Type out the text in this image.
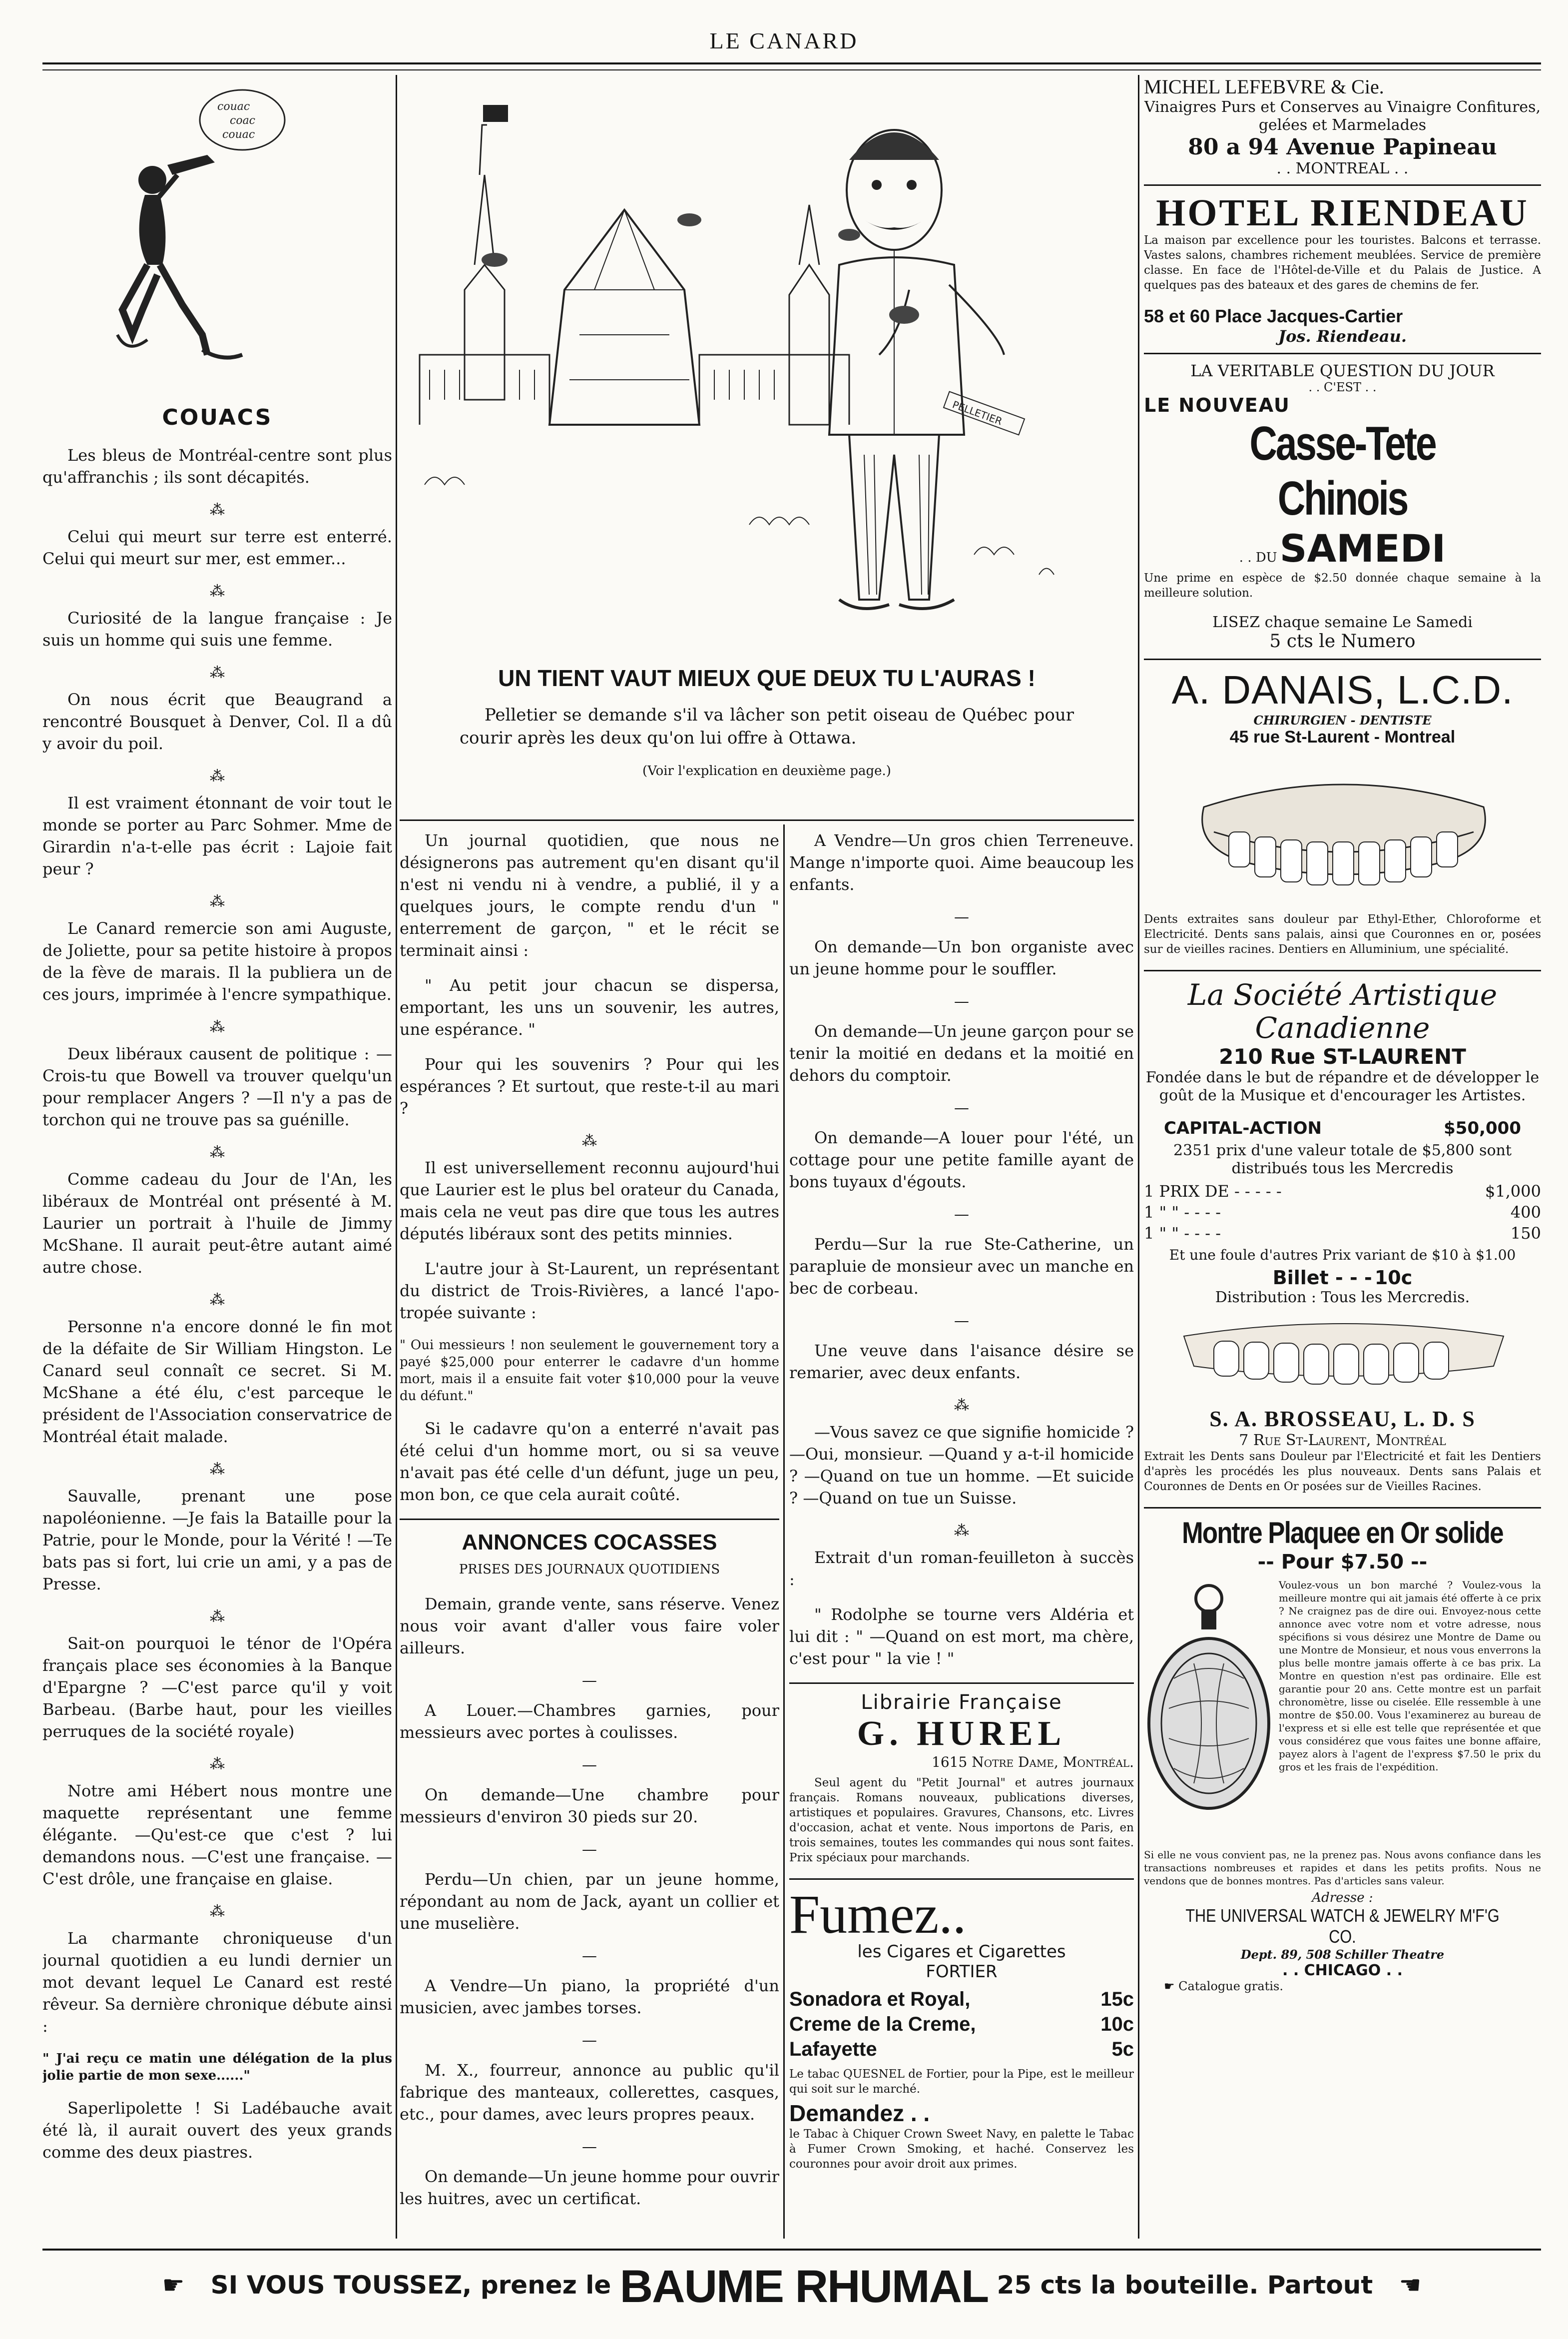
LE CANARD
couac
coac
couac
COUACS

Les bleus de Montréal-centre sont plus qu'affranchis ; ils sont décapités.

⁂

Celui qui meurt sur terre est enterré. Celui qui meurt sur mer, est emmer...

⁂

Curiosité de la langue française : Je suis un homme qui suis une femme.

⁂

On nous écrit que Beaugrand a rencontré Bousquet à Denver, Col. Il a dû y avoir du poil.

⁂

Il est vraiment étonnant de voir tout le monde se porter au Parc Sohmer. Mme de Girardin n'a-t-elle pas écrit : Lajoie fait peur ?

⁂

Le Canard remercie son ami Auguste, de Joliette, pour sa petite histoire à propos de la fève de marais. Il la publiera un de ces jours, imprimée à l'encre sympathique.

⁂

Deux libéraux causent de politique : —Crois-tu que Bowell va trouver quelqu'un pour remplacer Angers ? —Il n'y a pas de torchon qui ne trouve pas sa guénille.

⁂

Comme cadeau du Jour de l'An, les libéraux de Montréal ont présenté à M. Laurier un portrait à l'huile de Jimmy McShane. Il aurait peut-être autant aimé autre chose.

⁂

Personne n'a encore donné le fin mot de la défaite de Sir William Hingston. Le Canard seul connaît ce secret. Si M. McShane a été élu, c'est parceque le président de l'Association conservatrice de Montréal était malade.

⁂

Sauvalle, prenant une pose napoléonienne. —Je fais la Bataille pour la Patrie, pour le Monde, pour la Vérité ! —Te bats pas si fort, lui crie un ami, y a pas de Presse.

⁂

Sait-on pourquoi le ténor de l'Opéra français place ses économies à la Banque d'Epargne ? —C'est parce qu'il y voit Barbeau. (Barbe haut, pour les vieilles perruques de la société royale)

⁂

Notre ami Hébert nous montre une maquette représentant une femme élégante. —Qu'est-ce que c'est ? lui demandons nous. —C'est une française. —C'est drôle, une française en glaise.

⁂

La charmante chroniqueuse d'un journal quotidien a eu lundi dernier un mot devant lequel Le Canard est resté rêveur. Sa dernière chronique débute ainsi :

" J'ai reçu ce matin une délégation de la plus jolie partie de mon sexe......"

Saperlipolette ! Si Ladébauche avait été là, il aurait ouvert des yeux grands comme des deux piastres.

PELLETIER
UN TIENT VAUT MIEUX QUE DEUX TU L'AURAS !

Pelletier se demande s'il va lâcher son petit oiseau de Québec pour courir après les deux qu'on lui offre à Ottawa.

(Voir l'explication en deuxième page.)

Un journal quotidien, que nous ne désignerons pas autrement qu'en disant qu'il n'est ni vendu ni à vendre, a publié, il y a quelques jours, le compte rendu d'un " enterrement de garçon, " et le récit se terminait ainsi :

" Au petit jour chacun se dispersa, emportant, les uns un souvenir, les autres, une espérance. "

Pour qui les souvenirs ? Pour qui les espérances ? Et surtout, que reste-t-il au mari ?

⁂

Il est universellement reconnu aujourd'hui que Laurier est le plus bel orateur du Canada, mais cela ne veut pas dire que tous les autres députés libéraux sont des petits minnies.

L'autre jour à St-Laurent, un représentant du district de Trois-Rivières, a lancé l'apo-tropée suivante :

" Oui messieurs ! non seulement le gouvernement tory a payé $25,000 pour enterrer le cadavre d'un homme mort, mais il a ensuite fait voter $10,000 pour la veuve du défunt."

Si le cadavre qu'on a enterré n'avait pas été celui d'un homme mort, ou si sa veuve n'avait pas été celle d'un défunt, juge un peu, mon bon, ce que cela aurait coûté.

ANNONCES COCASSES
PRISES DES JOURNAUX QUOTIDIENS

Demain, grande vente, sans réserve. Venez nous voir avant d'aller vous faire voler ailleurs.

—

A Louer.—Chambres garnies, pour messieurs avec portes à coulisses.

—

On demande—Une chambre pour messieurs d'environ 30 pieds sur 20.

—

Perdu—Un chien, par un jeune homme, répondant au nom de Jack, ayant un collier et une muselière.

—

A Vendre—Un piano, la propriété d'un musicien, avec jambes torses.

—

M. X., fourreur, annonce au public qu'il fabrique des manteaux, collerettes, casques, etc., pour dames, avec leurs propres peaux.

—

On demande—Un jeune homme pour ouvrir les huitres, avec un certificat.

A Vendre—Un gros chien Terreneuve. Mange n'importe quoi. Aime beaucoup les enfants.

—

On demande—Un bon organiste avec un jeune homme pour le souffler.

—

On demande—Un jeune garçon pour se tenir la moitié en dedans et la moitié en dehors du comptoir.

—

On demande—A louer pour l'été, un cottage pour une petite famille ayant de bons tuyaux d'égouts.

—

Perdu—Sur la rue Ste-Catherine, un parapluie de monsieur avec un manche en bec de corbeau.

—

Une veuve dans l'aisance désire se remarier, avec deux enfants.

⁂

—Vous savez ce que signifie homicide ? —Oui, monsieur. —Quand y a-t-il homicide ? —Quand on tue un homme. —Et suicide ? —Quand on tue un Suisse.

⁂

Extrait d'un roman-feuilleton à succès :

" Rodolphe se tourne vers Aldéria et lui dit : " —Quand on est mort, ma chère, c'est pour " la vie ! "

Librairie Française
G. HUREL
1615 Notre Dame, Montréal.

Seul agent du "Petit Journal" et autres journaux français. Romans nouveaux, publications diverses, artistiques et populaires. Gravures, Chansons, etc. Livres d'occasion, achat et vente. Nous importons de Paris, en trois semaines, toutes les commandes qui nous sont faites. Prix spéciaux pour marchands.

Fumez..
les Cigares et Cigarettes
FORTIER
Sonadora et Royal,	15c
Creme de la Creme,	10c
Lafayette	5c

Le tabac QUESNEL de Fortier, pour la Pipe, est le meilleur qui soit sur le marché.

Demandez . .

le Tabac à Chiquer Crown Sweet Navy, en palette le Tabac à Fumer Crown Smoking, et haché. Conservez les couronnes pour avoir droit aux primes.

MICHEL LEFEBVRE & Cie.
Vinaigres Purs et Conserves au Vinaigre Confitures, gelées et Marmelades
80 a 94 Avenue Papineau
. . MONTREAL . .
HOTEL RIENDEAU

La maison par excellence pour les touristes. Balcons et terrasse. Vastes salons, chambres richement meublées. Service de première classe. En face de l'Hôtel-de-Ville et du Palais de Justice. A quelques pas des bateaux et des gares de chemins de fer.

58 et 60 Place Jacques-Cartier
Jos. Riendeau.
LA VERITABLE QUESTION DU JOUR
. . C'EST . .
LE NOUVEAU
Casse-Tete Chinois
. . DU SAMEDI

Une prime en espèce de $2.50 donnée chaque semaine à la meilleure solution.

LISEZ chaque semaine Le Samedi
5 cts le Numero
A. DANAIS, L.C.D.
CHIRURGIEN - DENTISTE
45 rue St-Laurent - Montreal

Dents extraites sans douleur par Ethyl-Ether, Chloroforme et Electricité. Dents sans palais, ainsi que Couronnes en or, posées sur de vieilles racines. Dentiers en Alluminium, une spécialité.

La Société Artistique
Canadienne
210 Rue ST-LAURENT

Fondée dans le but de répandre et de développer le goût de la Musique et d'encourager les Artistes.

CAPITAL-ACTION	$50,000

2351 prix d'une valeur totale de $5,800 sont distribués tous les Mercredis

1 PRIX DE - - - - -	$1,000
1 " " - - - -	400
1 " " - - - -	150

Et une foule d'autres Prix variant de $10 à $1.00

Billet - - - 10c
Distribution : Tous les Mercredis.
S. A. BROSSEAU, L. D. S
7 Rue St-Laurent, Montréal

Extrait les Dents sans Douleur par l'Electricité et fait les Dentiers d'après les procédés les plus nouveaux. Dents sans Palais et Couronnes de Dents en Or posées sur de Vieilles Racines.

Montre Plaquee en Or solide
-- Pour $7.50 --

Voulez-vous un bon marché ? Voulez-vous la meilleure montre qui ait jamais été offerte à ce prix ? Ne craignez pas de dire oui. Envoyez-nous cette annonce avec votre nom et votre adresse, nous spécifions si vous désirez une Montre de Dame ou une Montre de Monsieur, et nous vous enverrons la plus belle montre jamais offerte à ce bas prix. La Montre en question n'est pas ordinaire. Elle est garantie pour 20 ans. Cette montre est un parfait chronomètre, lisse ou ciselée. Elle ressemble à une montre de $50.00. Vous l'examinerez au bureau de l'express et si elle est telle que représentée et que vous considérez que vous faites une bonne affaire, payez alors à l'agent de l'express $7.50 le prix du gros et les frais de l'expédition.

Si elle ne vous convient pas, ne la prenez pas. Nous avons confiance dans les transactions nombreuses et rapides et dans les petits profits. Nous ne vendons que de bonnes montres. Pas d'articles sans valeur.

Adresse :
THE UNIVERSAL WATCH & JEWELRY M'F'G CO.
Dept. 89, 508 Schiller Theatre
. . CHICAGO . .
☛ Catalogue gratis.
☛ SI VOUS TOUSSEZ, prenez le BAUME RHUMAL 25 cts la bouteille. Partout ☚
